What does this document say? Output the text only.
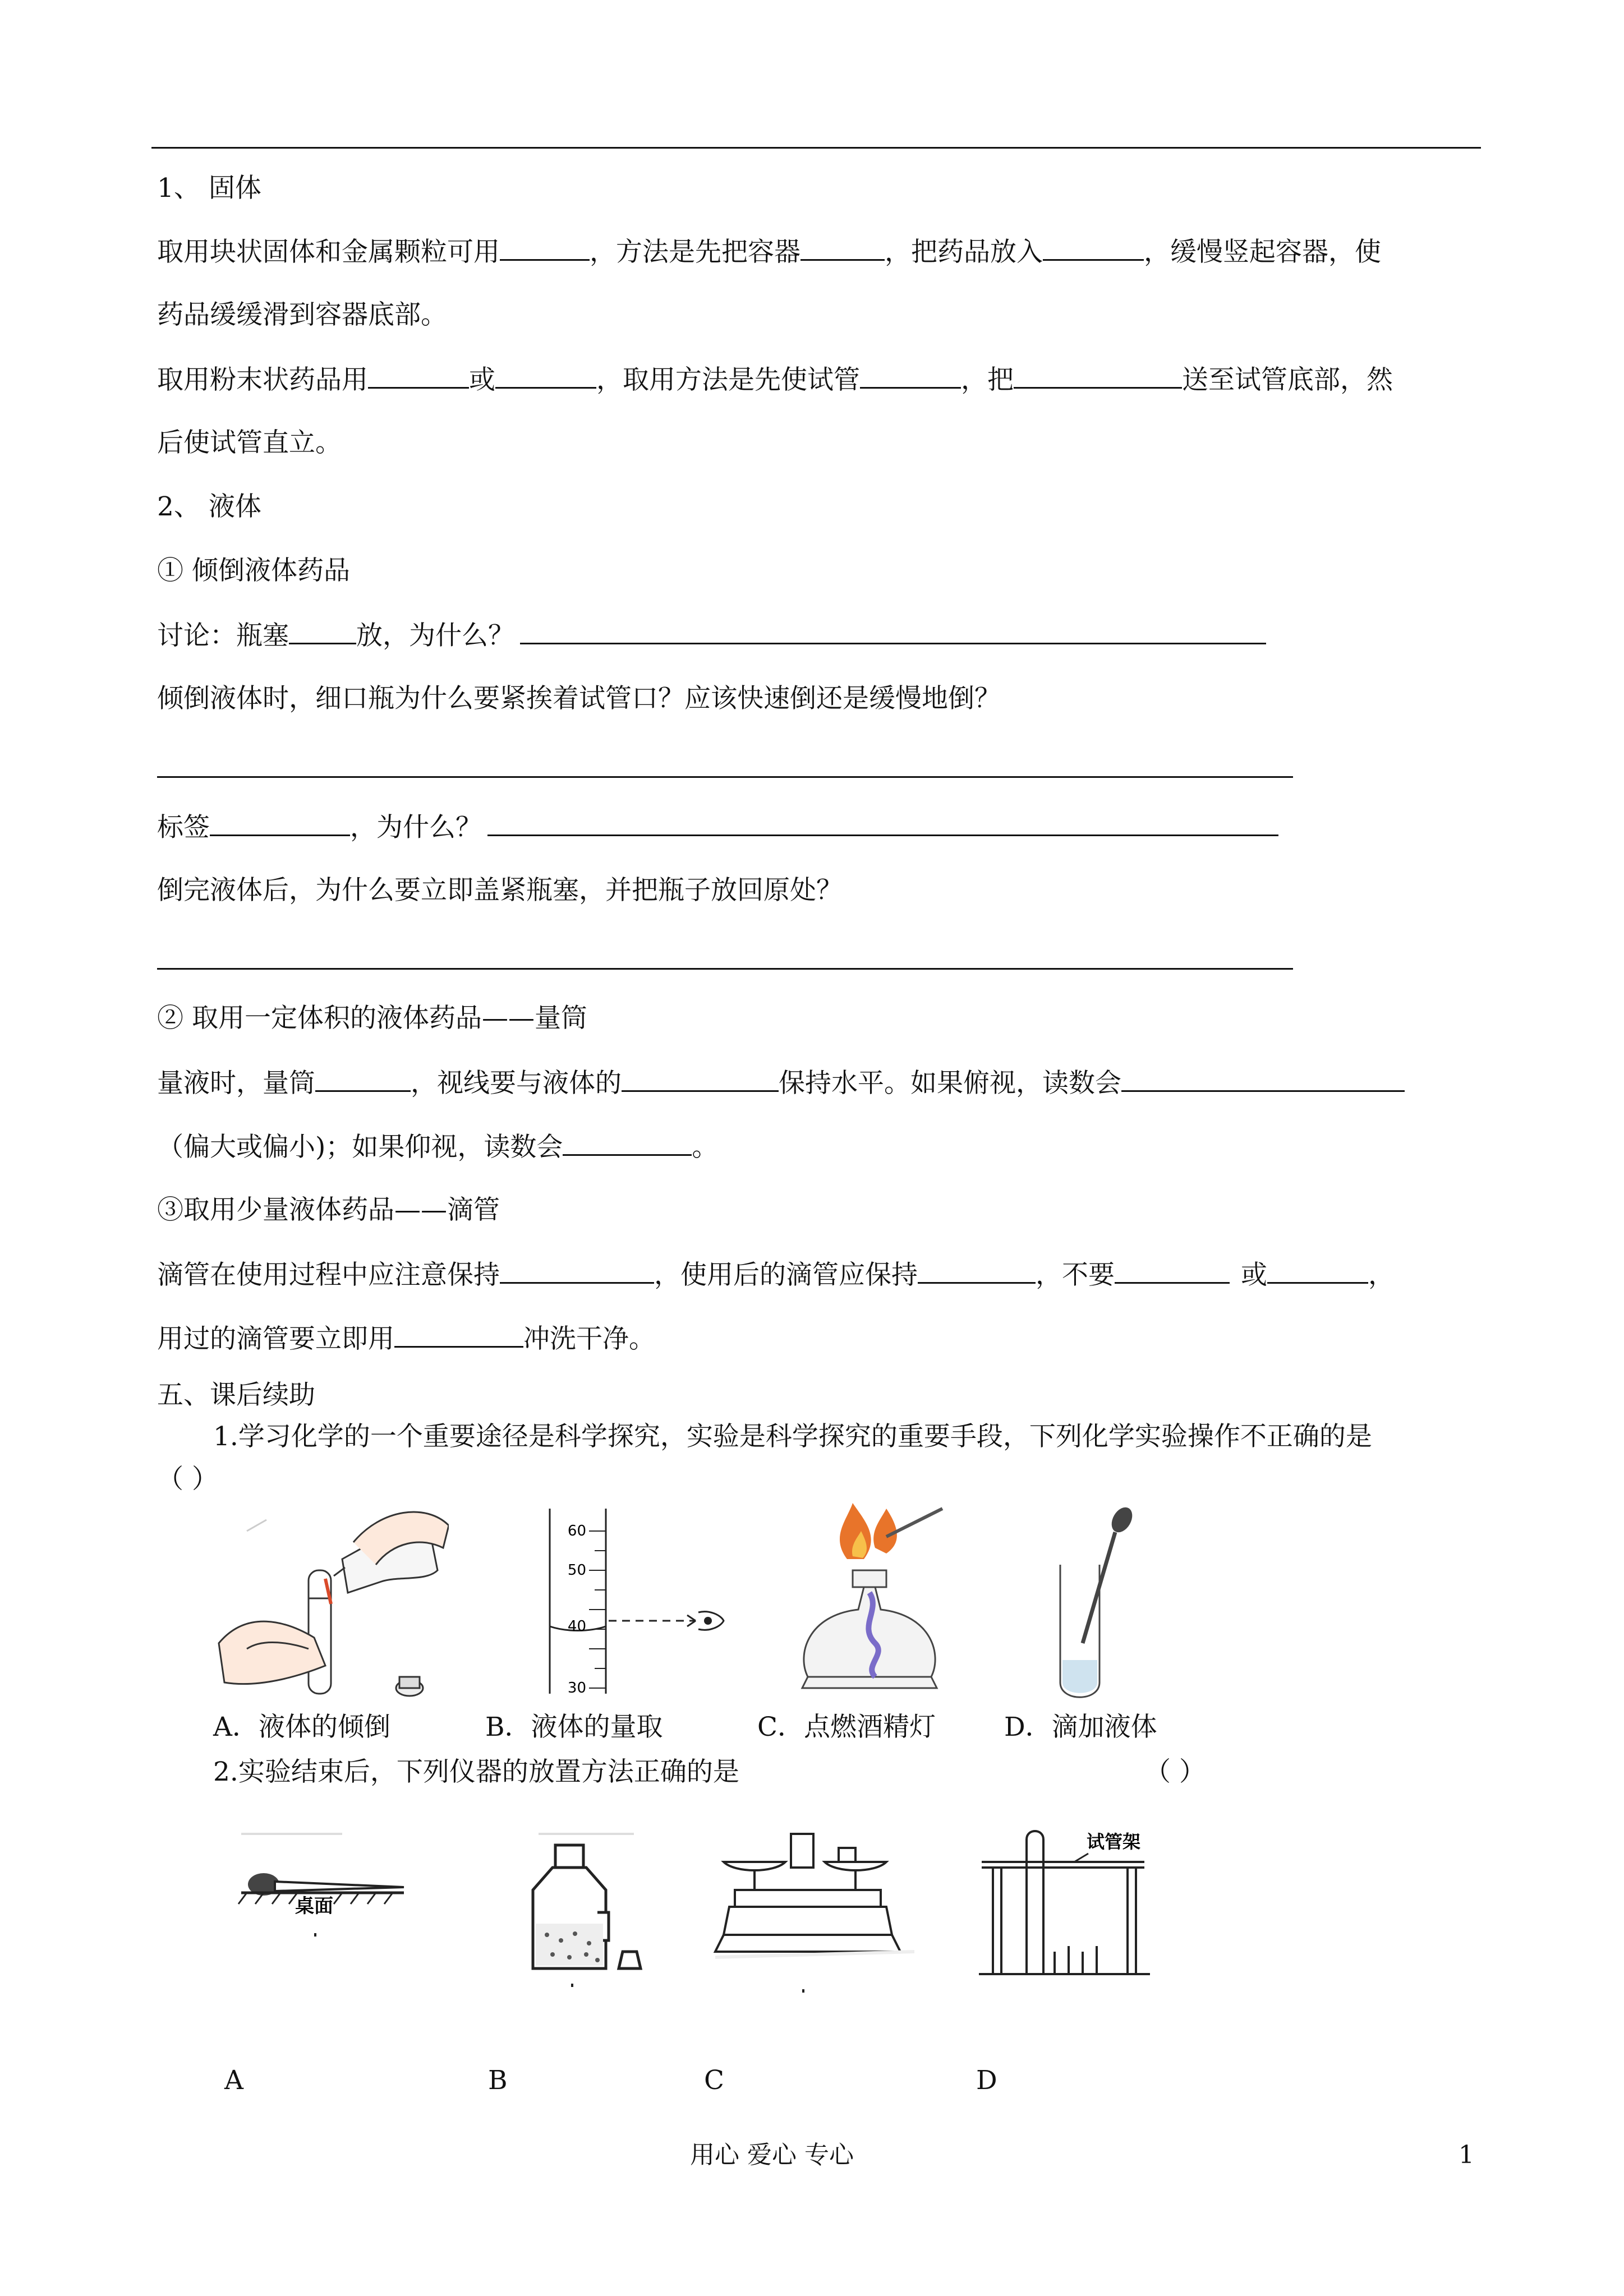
1、 固体
取用块状固体和金属颗粒可用	，方法是先把容器	，把药品放入	，缓慢竖起容器，使
药品缓缓滑到容器底部。
取用粉末状药品用	或	，取用方法是先使试管	，把	送至试管底部，然
后使试管直立。
2、 液体
① 倾倒液体药品
讨论：瓶塞	放，为什么？
倾倒液体时，细口瓶为什么要紧挨着试管口？应该快速倒还是缓慢地倒？
标签	，为什么？
倒完液体后，为什么要立即盖紧瓶塞，并把瓶子放回原处？
② 取用一定体积的液体药品——量筒
量液时，量筒	，视线要与液体的	保持水平。如果俯视，读数会
（偏大或偏小)；如果仰视，读数会	。
③取用少量液体药品——滴管
滴管在使用过程中应注意保持	，使用后的滴管应保持	，不要	或	，
用过的滴管要立即用	冲洗干净。
五、课后续助
1.学习化学的一个重要途径是科学探究，实验是科学探究的重要手段，下列化学实验操作不正确的是
（ ）
60
50
40
30
A．液体的倾倒	B．液体的量取	C．点燃酒精灯	D．滴加液体
2.实验结束后，下列仪器的放置方法正确的是	（ ）
桌面
试管架
A	B	C	D
用心 爱心 专心	1
